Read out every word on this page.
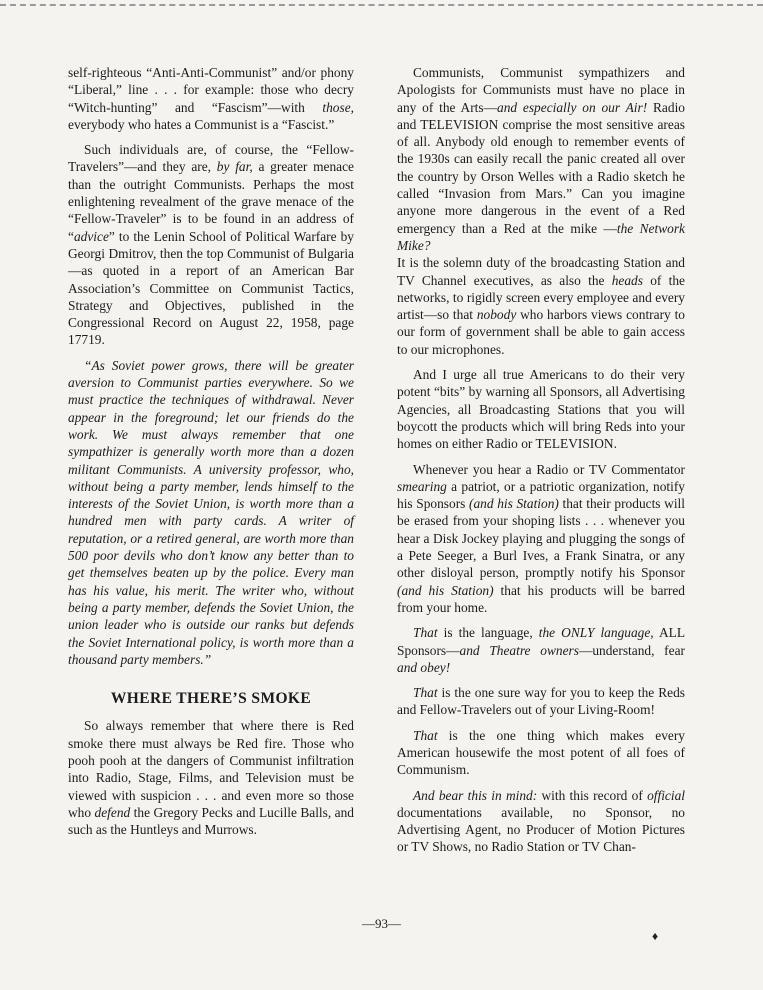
self-righteous “Anti-Anti-Communist” and/or phony “Liberal,” line . . . for example: those who decry “Witch-hunting” and “Fascism”—with those, everybody who hates a Communist is a “Fascist.”

Such individuals are, of course, the “Fellow-Travelers”—and they are, by far, a greater menace than the outright Communists. Perhaps the most enlightening revealment of the grave menace of the “Fellow-Traveler” is to be found in an address of “advice” to the Lenin School of Political Warfare by Georgi Dmitrov, then the top Communist of Bulgaria—as quoted in a report of an American Bar Association’s Committee on Communist Tactics, Strategy and Objectives, published in the Congressional Record on August 22, 1958, page 17719.

“As Soviet power grows, there will be greater aversion to Communist parties everywhere. So we must practice the techniques of withdrawal. Never appear in the foreground; let our friends do the work. We must always remember that one sympathizer is generally worth more than a dozen militant Communists. A university professor, who, without being a party member, lends himself to the interests of the Soviet Union, is worth more than a hundred men with party cards. A writer of reputation, or a retired general, are worth more than 500 poor devils who don’t know any better than to get themselves beaten up by the police. Every man has his value, his merit. The writer who, without being a party member, defends the Soviet Union, the union leader who is outside our ranks but defends the Soviet International policy, is worth more than a thousand party members.”

WHERE THERE’S SMOKE

So always remember that where there is Red smoke there must always be Red fire. Those who pooh pooh at the dangers of Communist infiltration into Radio, Stage, Films, and Television must be viewed with suspicion . . . and even more so those who defend the Gregory Pecks and Lucille Balls, and such as the Huntleys and Murrows.

Communists, Communist sympathizers and Apologists for Communists must have no place in any of the Arts—and especially on our Air! Radio and TELEVISION comprise the most sensitive areas of all. Anybody old enough to remember events of the 1930s can easily recall the panic created all over the country by Orson Welles with a Radio sketch he called “Invasion from Mars.” Can you imagine anyone more dangerous in the event of a Red emergency than a Red at the mike —the Network Mike?

It is the solemn duty of the broadcasting Station and TV Channel executives, as also the heads of the networks, to rigidly screen every employee and every artist—so that nobody who harbors views contrary to our form of government shall be able to gain access to our microphones.

And I urge all true Americans to do their very potent “bits” by warning all Sponsors, all Advertising Agencies, all Broadcasting Stations that you will boycott the products which will bring Reds into your homes on either Radio or TELEVISION.

Whenever you hear a Radio or TV Commentator smearing a patriot, or a patriotic organization, notify his Sponsors (and his Station) that their products will be erased from your shoping lists . . . whenever you hear a Disk Jockey playing and plugging the songs of a Pete Seeger, a Burl Ives, a Frank Sinatra, or any other disloyal person, promptly notify his Sponsor (and his Station) that his products will be barred from your home.

That is the language, the ONLY language, ALL Sponsors—and Theatre owners—understand, fear and obey!

That is the one sure way for you to keep the Reds and Fellow-Travelers out of your Living-Room!

That is the one thing which makes every American housewife the most potent of all foes of Communism.

And bear this in mind: with this record of official documentations available, no Sponsor, no Advertising Agent, no Producer of Motion Pictures or TV Shows, no Radio Station or TV Chan-

—93—
♦
